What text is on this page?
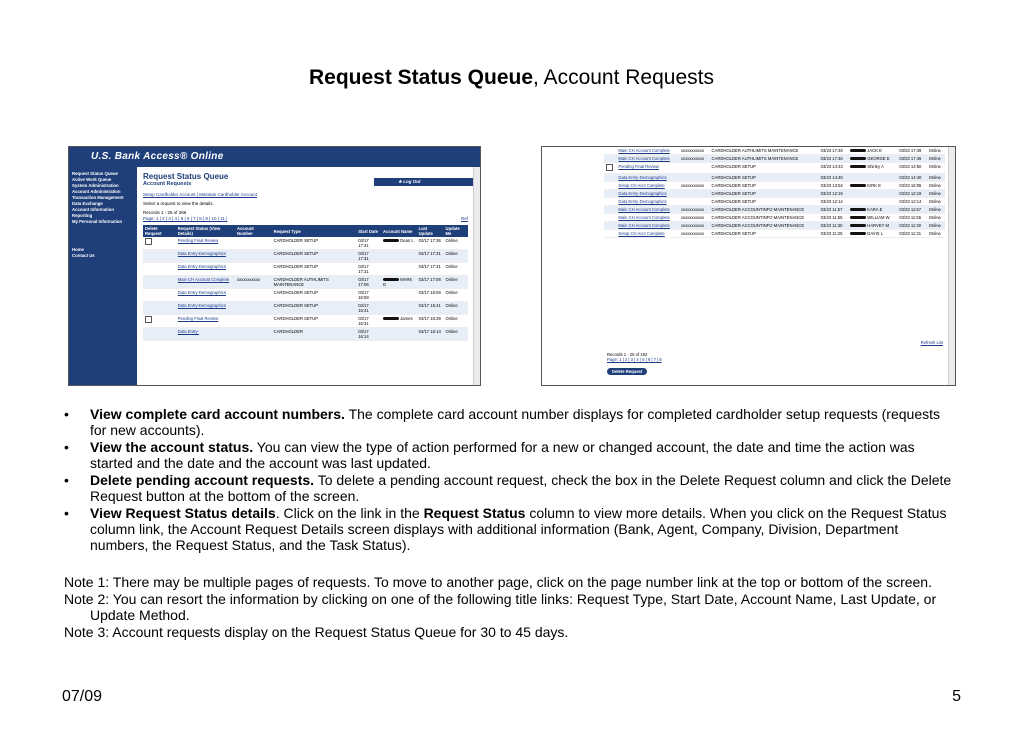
Request Status Queue, Account Requests
U.S. Bank Access® Online
Request Status Queue
Active Work Queue
System Administration
Account Administration
Transaction Management
Data Exchange
Account Information
Reporting
My Personal Information
Home
Contact Us
★ Log Out
Request Status Queue
Account Requests
Setup Cardholder Account | Maintain Cardholder Account
Select a request to view the details.
Records 1 - 25 of 286
Page: 1 | 2 | 3 | 4 | 5 | 6 | 7 | 8 | 9 | 10 | 11 |	Ref
Delete Request	Request Status (View Details)	Account Number	Request Type	Start Date	Account Name	Last Update	Update Me
	Pending Final Review		CARDHOLDER SETUP	03/17 17:31	Dean L	03/17 17:36	Online
	Data Entry-Demographics		CARDHOLDER SETUP	03/17 17:31		03/17 17:31	Online
	Data Entry-Demographics		CARDHOLDER SETUP	03/17 17:31		03/17 17:31	Online
	Main CH Account Complete	xxxxxxxxxxx	CARDHOLDER AUTHLIMITS MAINTENANCE	03/17 17:06	MARK D	03/17 17:06	Online
	Data Entry-Demographics		CARDHOLDER SETUP	03/17 16:59		03/17 16:59	Online
	Data Entry-Demographics		CARDHOLDER SETUP	03/17 16:41		03/17 16:41	Online
	Pending Final Review		CARDHOLDER SETUP	03/17 16:31	James	03/17 16:39	Online
	Data Entry-		CARDHOLDER	03/17 16:14		03/17 16:14	Online
	Main CH Account Complete	xxxxxxxxxxx	CARDHOLDER AUTHLIMITS MAINTENANCE	03/23 17:49	JACK E	03/23 17:49	Online
	Main CH Account Complete	xxxxxxxxxxx	CARDHOLDER AUTHLIMITS MAINTENANCE	03/23 17:46	GEORGE E	03/23 17:46	Online
	Pending Final Review		CARDHOLDER SETUP	03/23 14:43	Shirley A	03/23 14:50	Online
	Data Entry-Demographics		CARDHOLDER SETUP	03/23 14:40		03/23 14:40	Online
	Setup CH Acct Complete	xxxxxxxxxxx	CARDHOLDER SETUP	03/23 13:54	KIRK E	03/23 16:05	Online
	Data Entry-Demographics		CARDHOLDER SETUP	03/23 12:19		03/23 12:19	Online
	Data Entry-Demographics		CARDHOLDER SETUP	03/23 12:14		03/23 12:14	Online
	Main CH Account Complete	xxxxxxxxxxx	CARDHOLDER ACCOUNTINFO MAINTENANCE	03/23 11:57	KARA E	03/23 11:57	Online
	Main CH Account Complete	xxxxxxxxxxx	CARDHOLDER ACCOUNTINFO MAINTENANCE	03/23 11:55	WILLIAM W	03/23 11:55	Online
	Main CH Account Complete	xxxxxxxxxxx	CARDHOLDER ACCOUNTINFO MAINTENANCE	03/23 11:30	HARVEY M	03/23 11:30	Online
	Setup CH Acct Complete	xxxxxxxxxxx	CARDHOLDER SETUP	03/23 11:25	DAVIS L	03/23 11:31	Online
Refresh List
Records 1 - 25 of 192
Page: 1 | 2 | 3 | 4 | 5 | 6 | 7 | 8
Delete Request
• View complete card account numbers. The complete card account number displays for completed cardholder setup requests (requests for new accounts).
• View the account status. You can view the type of action performed for a new or changed account, the date and time the action was started and the date and the account was last updated.
• Delete pending account requests. To delete a pending account request, check the box in the Delete Request column and click the Delete Request button at the bottom of the screen.
• View Request Status details. Click on the link in the Request Status column to view more details. When you click on the Request Status column link, the Account Request Details screen displays with additional information (Bank, Agent, Company, Division, Department numbers, the Request Status, and the Task Status).
Note 1: There may be multiple pages of requests. To move to another page, click on the page number link at the top or bottom of the screen.
Note 2: You can resort the information by clicking on one of the following title links: Request Type, Start Date, Account Name, Last Update, or Update Method.
Note 3: Account requests display on the Request Status Queue for 30 to 45 days.
07/09	5
